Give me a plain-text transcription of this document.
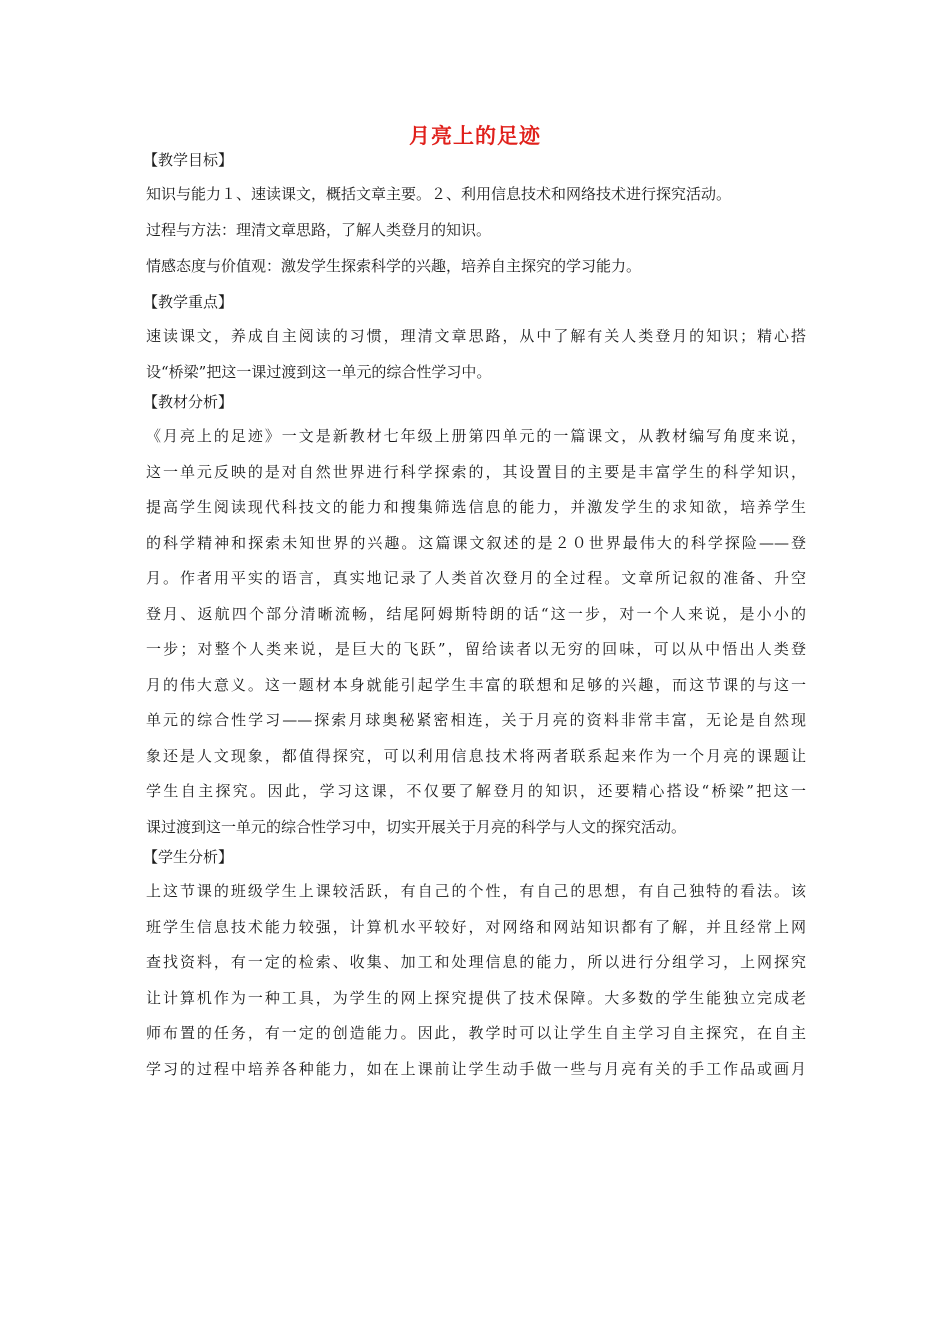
月亮上的足迹

【教学目标】

知识与能力１、速读课文，概括文章主要。２、利用信息技术和网络技术进行探究活动。

过程与方法：理清文章思路，了解人类登月的知识。

情感态度与价值观：激发学生探索科学的兴趣，培养自主探究的学习能力。

【教学重点】

速读课文，养成自主阅读的习惯，理清文章思路，从中了解有关人类登月的知识；精心搭
设“桥梁”把这一课过渡到这一单元的综合性学习中。

【教材分析】

《月亮上的足迹》一文是新教材七年级上册第四单元的一篇课文，从教材编写角度来说，
这一单元反映的是对自然世界进行科学探索的，其设置目的主要是丰富学生的科学知识，
提高学生阅读现代科技文的能力和搜集筛选信息的能力，并激发学生的求知欲，培养学生
的科学精神和探索未知世界的兴趣。这篇课文叙述的是２０世界最伟大的科学探险——登
月。作者用平实的语言，真实地记录了人类首次登月的全过程。文章所记叙的准备、升空
登月、返航四个部分清晰流畅，结尾阿姆斯特朗的话“这一步，对一个人来说，是小小的
一步；对整个人类来说，是巨大的飞跃”，留给读者以无穷的回味，可以从中悟出人类登
月的伟大意义。这一题材本身就能引起学生丰富的联想和足够的兴趣，而这节课的与这一
单元的综合性学习——探索月球奥秘紧密相连，关于月亮的资料非常丰富，无论是自然现
象还是人文现象，都值得探究，可以利用信息技术将两者联系起来作为一个月亮的课题让
学生自主探究。因此，学习这课，不仅要了解登月的知识，还要精心搭设“桥梁”把这一
课过渡到这一单元的综合性学习中，切实开展关于月亮的科学与人文的探究活动。

【学生分析】

上这节课的班级学生上课较活跃，有自己的个性，有自己的思想，有自己独特的看法。该
班学生信息技术能力较强，计算机水平较好，对网络和网站知识都有了解，并且经常上网
查找资料，有一定的检索、收集、加工和处理信息的能力，所以进行分组学习，上网探究
让计算机作为一种工具，为学生的网上探究提供了技术保障。大多数的学生能独立完成老
师布置的任务，有一定的创造能力。因此，教学时可以让学生自主学习自主探究，在自主
学习的过程中培养各种能力，如在上课前让学生动手做一些与月亮有关的手工作品或画月
